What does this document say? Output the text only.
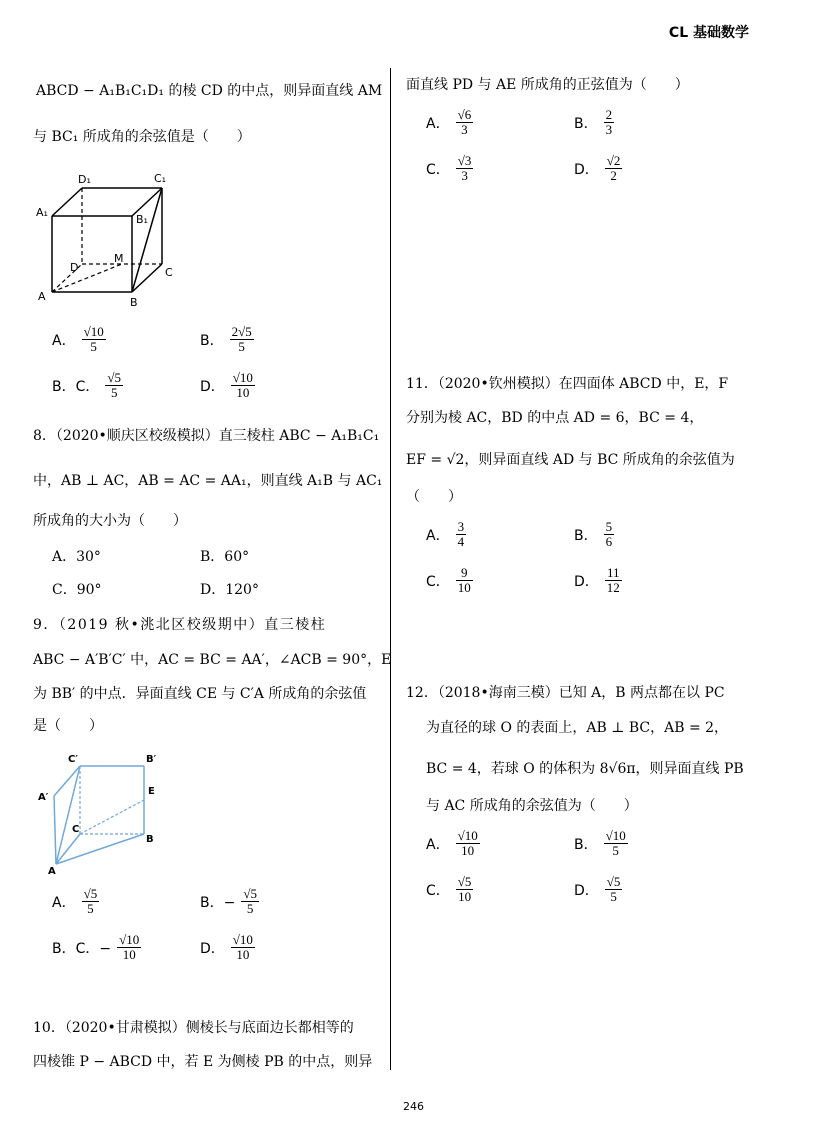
CL 基础数学
ABCD − A₁B₁C₁D₁ 的棱 CD 的中点，则异面直线 AM
与 BC₁ 所成角的余弦值是（　　）
D₁	C₁
A₁
B₁
D
M
C
A	B
A． $\frac{√10}{5}$	B． $\frac{2√5}{5}$
B．C． $\frac{√5}{5}$	D． $\frac{√10}{10}$
8．（2020•顺庆区校级模拟）直三棱柱 ABC − A₁B₁C₁
中，AB ⊥ AC，AB = AC = AA₁，则直线 A₁B 与 AC₁
所成角的大小为（　　）
A．30°	B．60°
C．90°	D．120°
9．（2019 秋•洮北区校级期中）直三棱柱
ABC − A′B′C′ 中，AC = BC = AA′，∠ACB = 90°，E
为 BB′ 的中点．异面直线 CE 与 C′A 所成角的余弦值
是（　　）
C′	B′
A′
E
C
B
A
A． $\frac{√5}{5}$	B．− $\frac{√5}{5}$
B．C．− $\frac{√10}{10}$	D． $\frac{√10}{10}$
10．（2020•甘肃模拟）侧棱长与底面边长都相等的
四棱锥 P − ABCD 中，若 E 为侧棱 PB 的中点，则异
面直线 PD 与 AE 所成角的正弦值为（　　）
A． $\frac{√6}{3}$	B． $\frac{2}{3}$
C． $\frac{√3}{3}$	D． $\frac{√2}{2}$
11．（2020•钦州模拟）在四面体 ABCD 中，E，F
分别为棱 AC，BD 的中点 AD = 6，BC = 4，
EF = √2，则异面直线 AD 与 BC 所成角的余弦值为
（　　）
A． $\frac{3}{4}$	B． $\frac{5}{6}$
C． $\frac{9}{10}$	D． $\frac{11}{12}$
12．（2018•海南三模）已知 A，B 两点都在以 PC
为直径的球 O 的表面上，AB ⊥ BC，AB = 2，
BC = 4，若球 O 的体积为 8√6π，则异面直线 PB
与 AC 所成角的余弦值为（　　）
A． $\frac{√10}{10}$	B． $\frac{√10}{5}$
C． $\frac{√5}{10}$	D． $\frac{√5}{5}$
246
